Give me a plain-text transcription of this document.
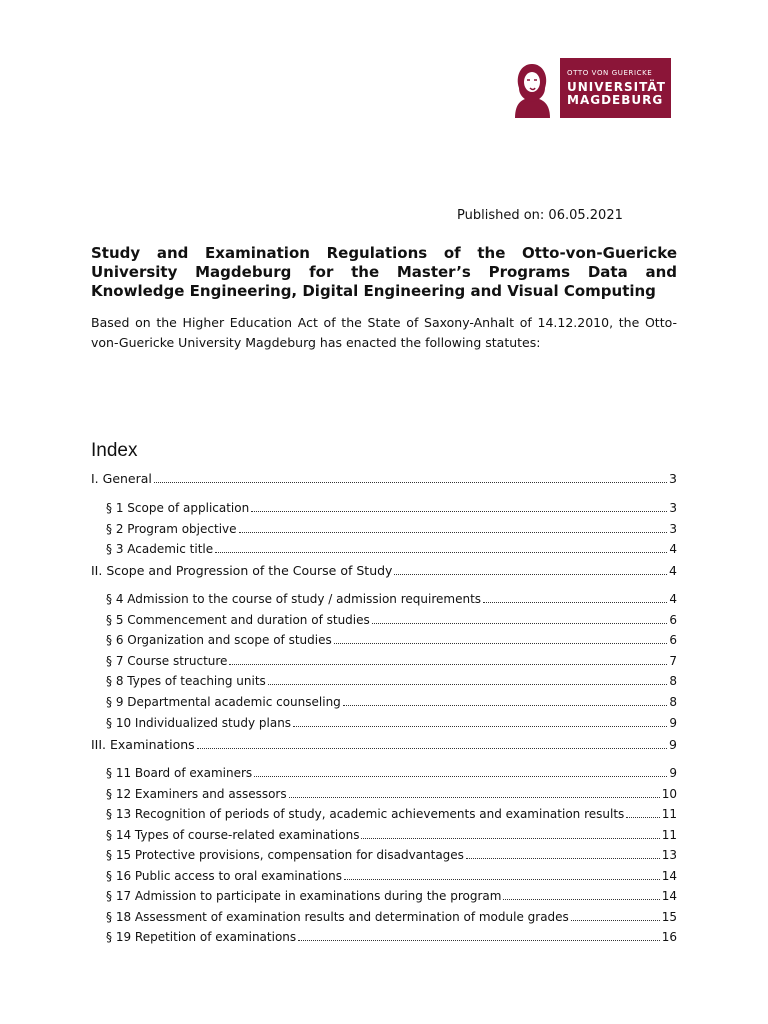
OTTO VON GUERICKE
UNIVERSITÄT
MAGDEBURG
Published on: 06.05.2021
Study and Examination Regulations of the Otto-von-Guericke University Magdeburg for the Master’s Programs Data and Knowledge Engineering, Digital Engineering and Visual Computing
Based on the Higher Education Act of the State of Saxony-Anhalt of 14.12.2010, the Otto-von-Guericke University Magdeburg has enacted the following statutes:
Index
I. General	3
§ 1 Scope of application	3
§ 2 Program objective	3
§ 3 Academic title	4
II. Scope and Progression of the Course of Study	4
§ 4 Admission to the course of study / admission requirements	4
§ 5 Commencement and duration of studies	6
§ 6 Organization and scope of studies	6
§ 7 Course structure	7
§ 8 Types of teaching units	8
§ 9 Departmental academic counseling	8
§ 10 Individualized study plans	9
III. Examinations	9
§ 11 Board of examiners	9
§ 12 Examiners and assessors	10
§ 13 Recognition of periods of study, academic achievements and examination results	11
§ 14 Types of course-related examinations	11
§ 15 Protective provisions, compensation for disadvantages	13
§ 16 Public access to oral examinations	14
§ 17 Admission to participate in examinations during the program	14
§ 18 Assessment of examination results and determination of module grades	15
§ 19 Repetition of examinations	16
